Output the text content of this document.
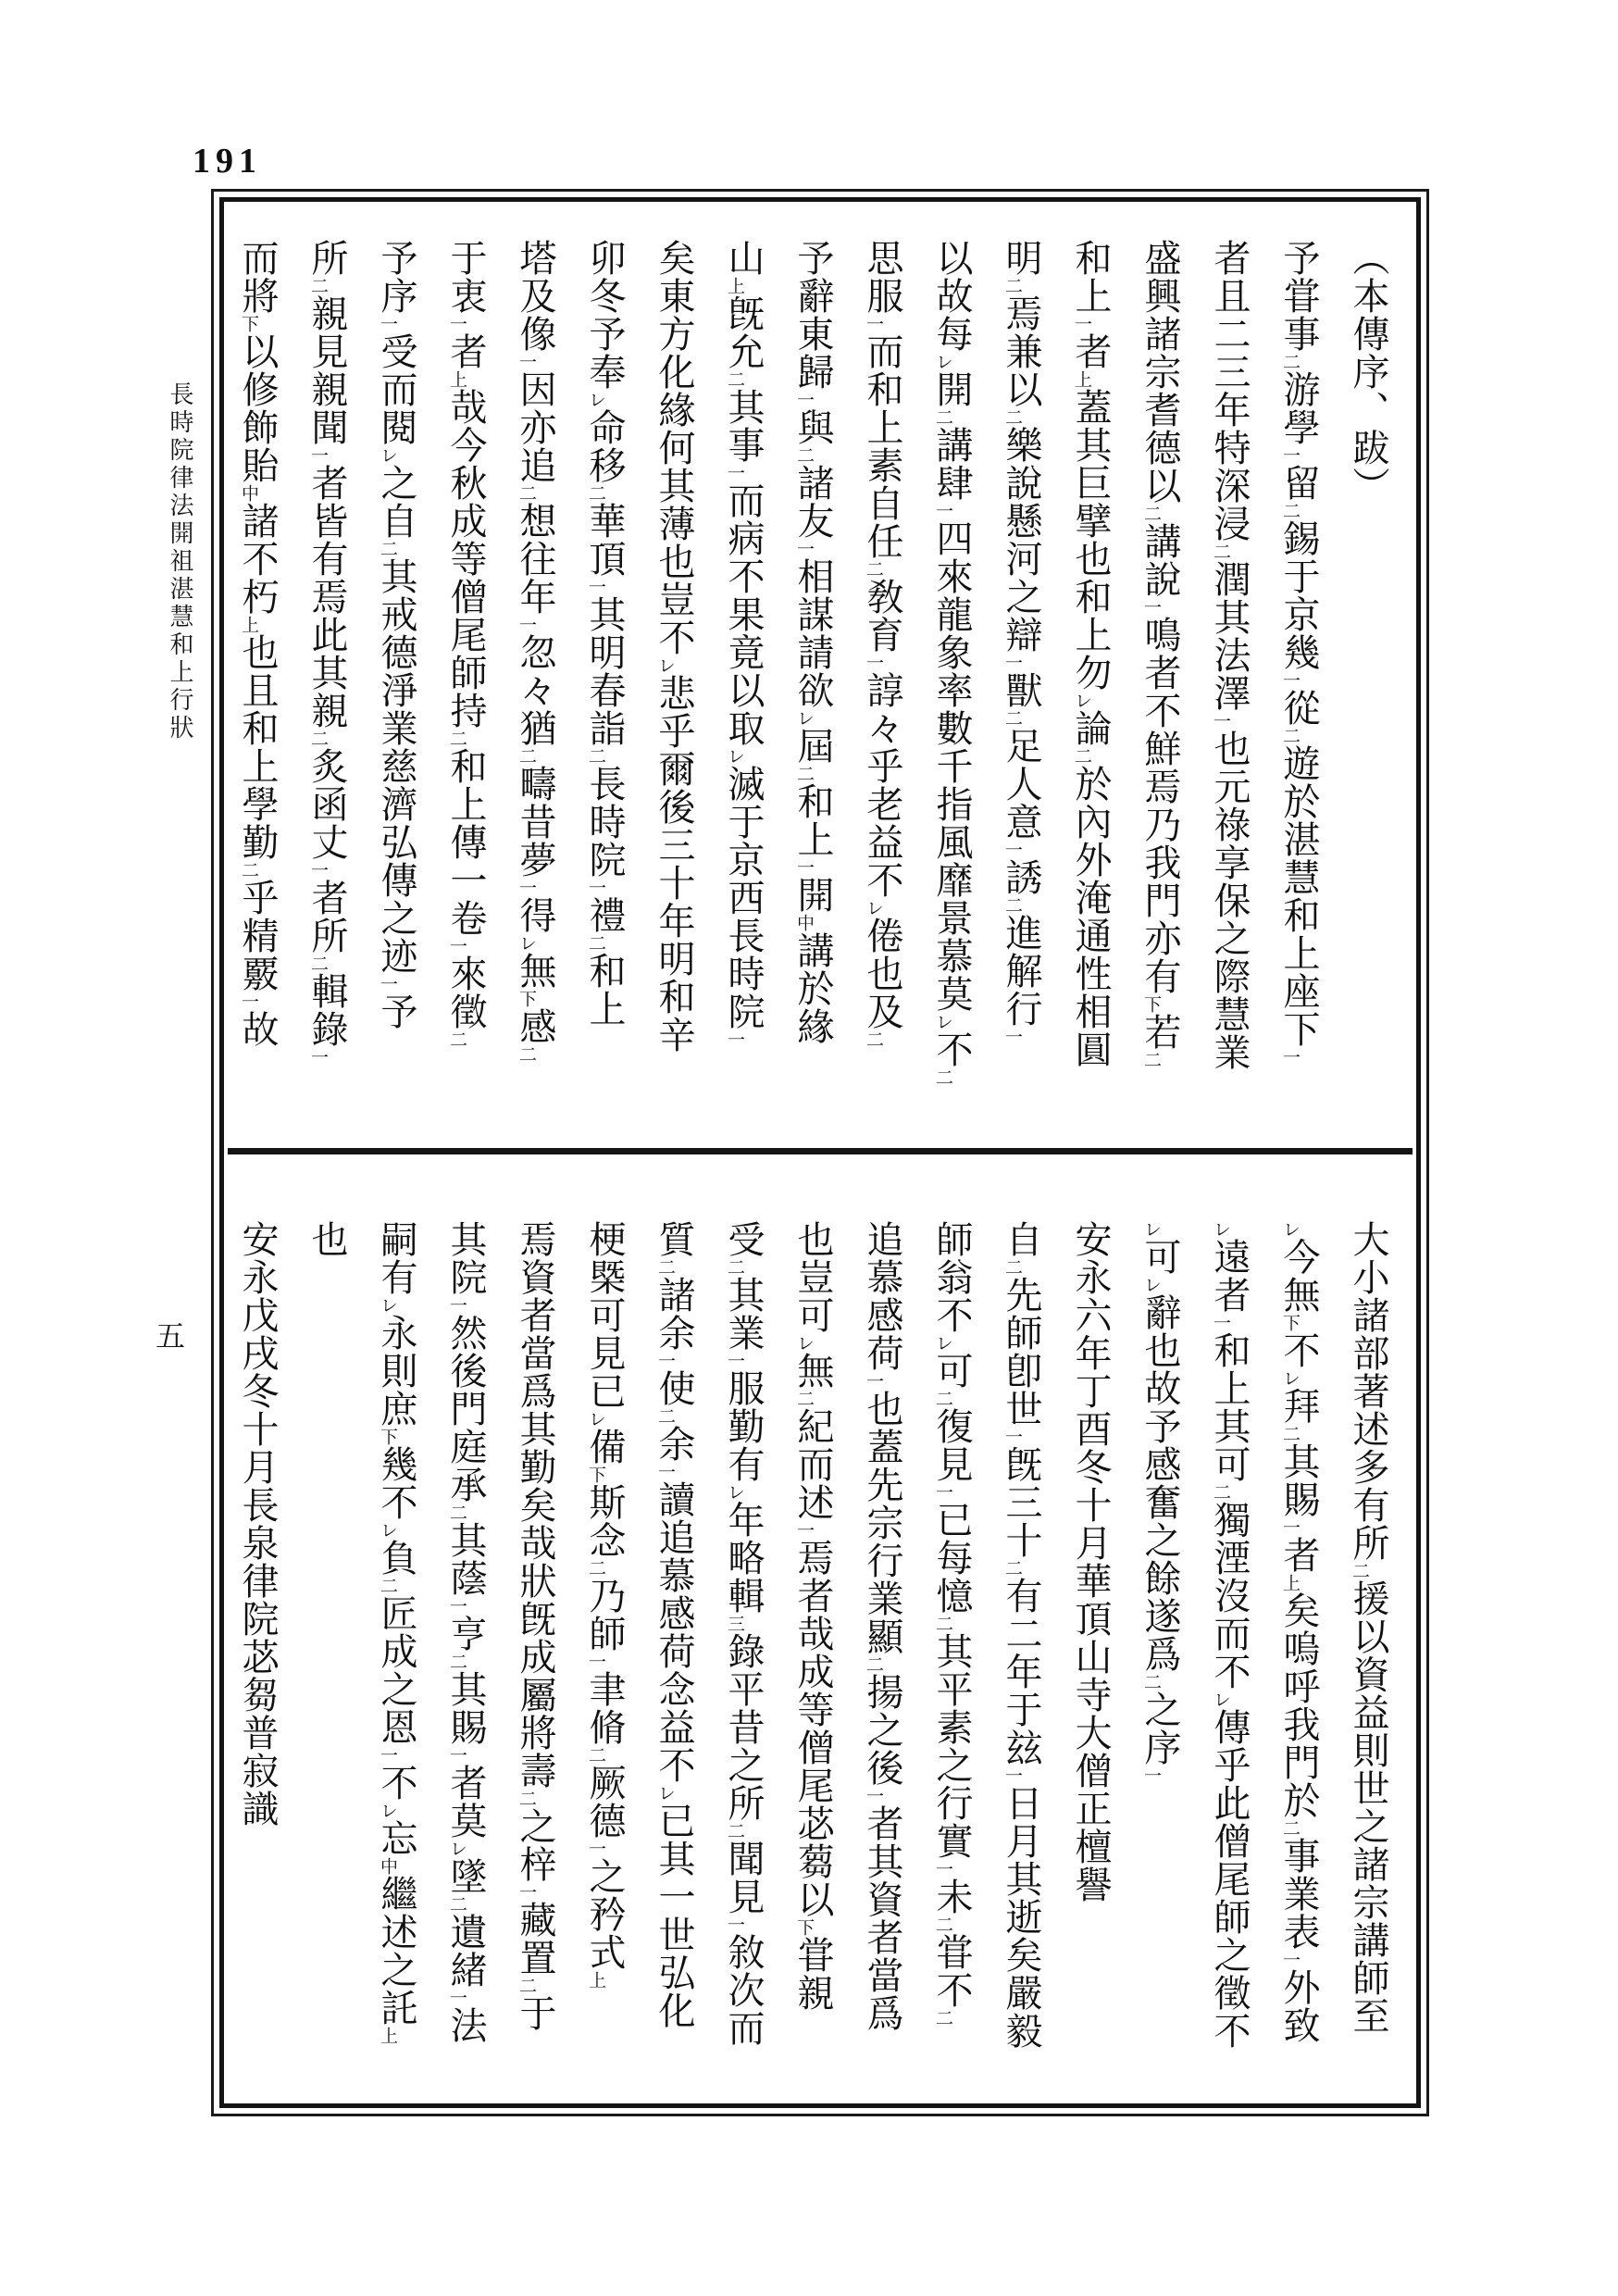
191
長時院律法開祖湛慧和上行狀
五
（本傳序、跋）
予甞事二游學一留二錫于京幾一從二遊於湛慧和上座下一
者且二三年特深浸二潤其法澤一也元祿享保之際慧業
盛興諸宗耆德以二講說一鳴者不鮮焉乃我門亦有下若二
和上一者上蓋其巨擘也和上勿レ論二於內外淹通性相圓
明二焉兼以二樂說懸河之辯一獸二足人意一誘二進解行一
以故每レ開二講肆一四來龍象率數千指風靡景慕莫レ不二
思服一而和上素自任二敎育一諄々乎老益不レ倦也及二
予辭東歸一與二諸友一相謀請欲レ屆二和上一開中講於緣
山上旣允二其事一而病不果竟以取レ滅于京西長時院一
矣東方化緣何其薄也豈不レ悲乎爾後三十年明和辛
卯冬予奉レ命移二華頂一其明春詣二長時院一禮二和上
塔及像一因亦追二想往年一忽々猶二疇昔夢一得レ無下感二
于衷一者上哉今秋成等僧尾師持二和上傳一卷一來徵二
予序一受而閱レ之自二其戒德淨業慈濟弘傳之迹一予
所二親見親聞一者皆有焉此其親二炙函丈一者所二輯錄一
而將下以修飾貽中諸不朽上也且和上學勤二乎精覈一故
大小諸部著述多有所二援以資益則世之諸宗講師至
レ今無下不レ拜二其賜一者上矣嗚呼我門於二事業表一外致
レ遠者一和上其可二獨湮沒而不レ傳乎此僧尾師之徵不
レ可レ辭也故予感奮之餘遂爲二之序一
安永六年丁酉冬十月華頂山寺大僧正檀譽
自二先師卽世一旣三十二有二年于玆一日月其逝矣嚴毅
師翁不レ可二復見一已每憶二其平素之行實一未二甞不二
追慕感荷一也蓋先宗行業顯二揚之後一者其資者當爲
也豈可レ無二紀而述一焉者哉成等僧尾苾蒭以下甞親
受二其業一服勤有レ年略輯三錄平昔之所二聞見一敘次而
質二諸余一使二余一讀追慕感荷念益不レ已其一世弘化
梗槩可見已レ備下斯念二乃師一聿脩二厥德一之矜式上
焉資者當爲其勤矣哉狀旣成屬將壽二之梓一藏置二于
其院一然後門庭承二其蔭一亨二其賜一者莫レ墜二遺緒一法
嗣有レ永則庶下幾不レ負二匠成之恩一不レ忘中繼述之託上
也
安永戊戌冬十月長泉律院苾芻普寂識
